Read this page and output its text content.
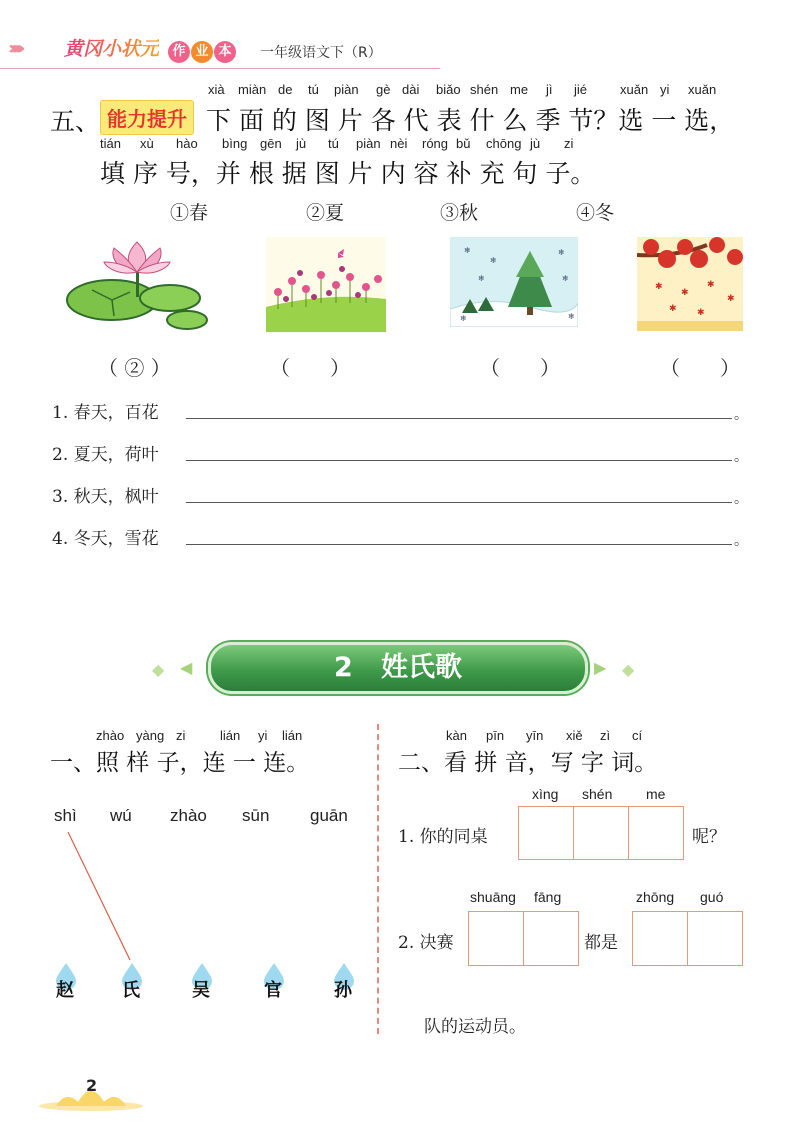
›››››››› 黄冈小状元	作 业 本	一年级语文下（R）
xià miàn de tú piàn gè dài biǎo shén me jì jié	xuǎn yi xuǎn
五、 能力提升 下 面 的 图 片 各 代 表 什 么 季 节？选 一 选，
tián xù hào bìng gēn jù tú piàn nèi róng bǔ chōng jù zi
填 序 号，并 根 据 图 片 内 容 补 充 句 子。
①春	②夏	③秋	④冬
❄
❄
❄
❄
❄
❄	❄
✱
✱
✱
✱
✱ ✱
（ ② ）	（　　）	（　　）	（　　）
1. 春天，百花	。
2. 夏天，荷叶	。
3. 秋天，枫叶	。
4. 冬天，雪花	。
◆ ◀	2 姓氏歌	▶ ◆
zhào yàng zi	lián yi lián
一、照 样 子，连 一 连。
shì wú zhào sūn guān
赵	氏	吴	官	孙
kàn pīn yīn xiě zì cí
二、看 拼 音，写 字 词。
xìng shén me
1. 你的同桌	呢？
shuāng fāng	zhōng guó
2. 决赛	都是
队的运动员。
2
